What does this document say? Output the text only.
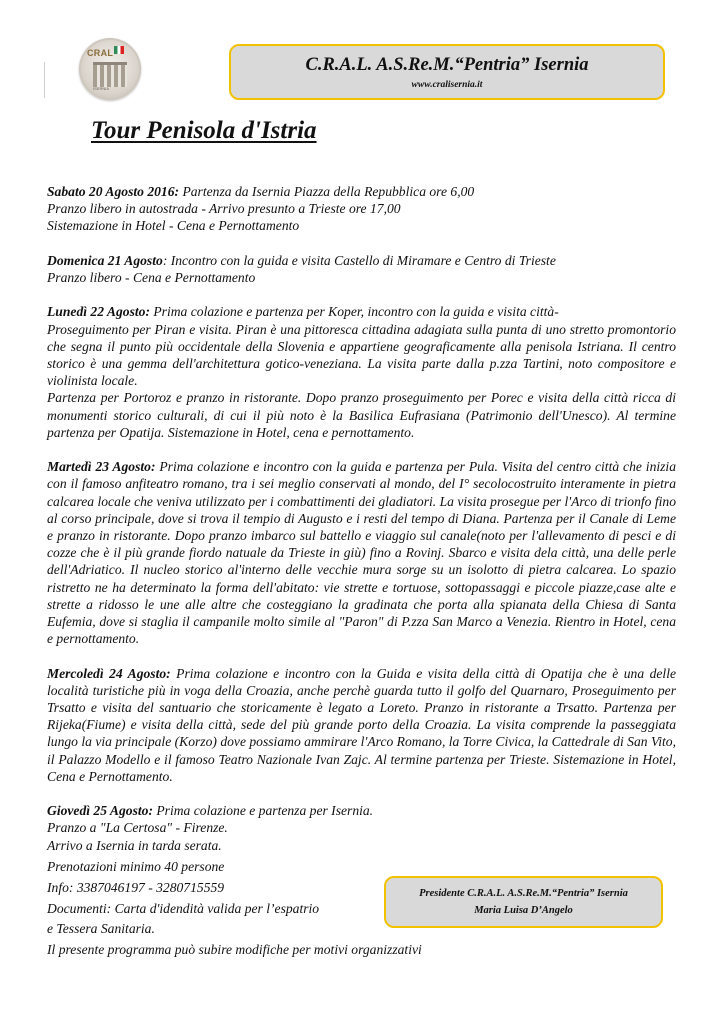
CRAL
ISERNIA
C.R.A.L. A.S.Re.M.“Pentria” Isernia
www.cralisernia.it
Tour Penisola d'Istria

Sabato 20 Agosto 2016: Partenza da Isernia Piazza della Repubblica ore 6,00
Pranzo libero in autostrada - Arrivo presunto a Trieste ore 17,00
Sistemazione in Hotel - Cena e Pernottamento

Domenica 21 Agosto: Incontro con la guida e visita Castello di Miramare e Centro di Trieste
Pranzo libero - Cena e Pernottamento

Lunedì 22 Agosto: Prima colazione e partenza per Koper, incontro con la guida e visita città-
Proseguimento per Piran e visita. Piran è una pittoresca cittadina adagiata sulla punta di uno stretto promontorio che segna il punto più occidentale della Slovenia e appartiene geograficamente alla penisola Istriana. Il centro storico è una gemma dell'architettura gotico-veneziana. La visita parte dalla p.zza Tartini, noto compositore e violinista locale.
Partenza per Portoroz e pranzo in ristorante. Dopo pranzo proseguimento per Porec e visita della città ricca di monumenti storico culturali, di cui il più noto è la Basilica Eufrasiana (Patrimonio dell'Unesco). Al termine partenza per Opatija. Sistemazione in Hotel, cena e pernottamento.

Martedì 23 Agosto: Prima colazione e incontro con la guida e partenza per Pula. Visita del centro città che inizia con il famoso anfiteatro romano, tra i sei meglio conservati al mondo, del I° secolocostruito interamente in pietra calcarea locale che veniva utilizzato per i combattimenti dei gladiatori. La visita prosegue per l'Arco di trionfo fino al corso principale, dove si trova il tempio di Augusto e i resti del tempo di Diana. Partenza per il Canale di Leme e pranzo in ristorante. Dopo pranzo imbarco sul battello e viaggio sul canale(noto per l'allevamento di pesci e di cozze che è il più grande fiordo natuale da Trieste in giù) fino a Rovinj. Sbarco e visita dela città, una delle perle dell'Adriatico. Il nucleo storico al'interno delle vecchie mura sorge su un isolotto di pietra calcarea. Lo spazio ristretto ne ha determinato la forma dell'abitato: vie strette e tortuose, sottopassaggi e piccole piazze,case alte e strette a ridosso le une alle altre che costeggiano la gradinata che porta alla spianata della Chiesa di Santa Eufemia, dove si staglia il campanile molto simile al "Paron" di P.zza San Marco a Venezia. Rientro in Hotel, cena e pernottamento.

Mercoledì 24 Agosto: Prima colazione e incontro con la Guida e visita della città di Opatija che è una delle località turistiche più in voga della Croazia, anche perchè guarda tutto il golfo del Quarnaro, Proseguimento per Trsatto e visita del santuario che storicamente è legato a Loreto. Pranzo in ristorante a Trsatto. Partenza per Rijeka(Fiume) e visita della città, sede del più grande porto della Croazia. La visita comprende la passeggiata lungo la via principale (Korzo) dove possiamo ammirare l'Arco Romano, la Torre Civica, la Cattedrale di San Vito, il Palazzo Modello e il famoso Teatro Nazionale Ivan Zajc. Al termine partenza per Trieste. Sistemazione in Hotel, Cena e Pernottamento.

Giovedì 25 Agosto: Prima colazione e partenza per Isernia.
Pranzo a "La Certosa" - Firenze.
Arrivo a Isernia in tarda serata.

Prenotazioni minimo 40 persone
Info: 3387046197 - 3280715559
Documenti: Carta d'idendità valida per l’espatrio
e Tessera Sanitaria.
Il presente programma può subire modifiche per motivi organizzativi
Presidente C.R.A.L. A.S.Re.M.“Pentria” Isernia
Maria Luisa D’Angelo
